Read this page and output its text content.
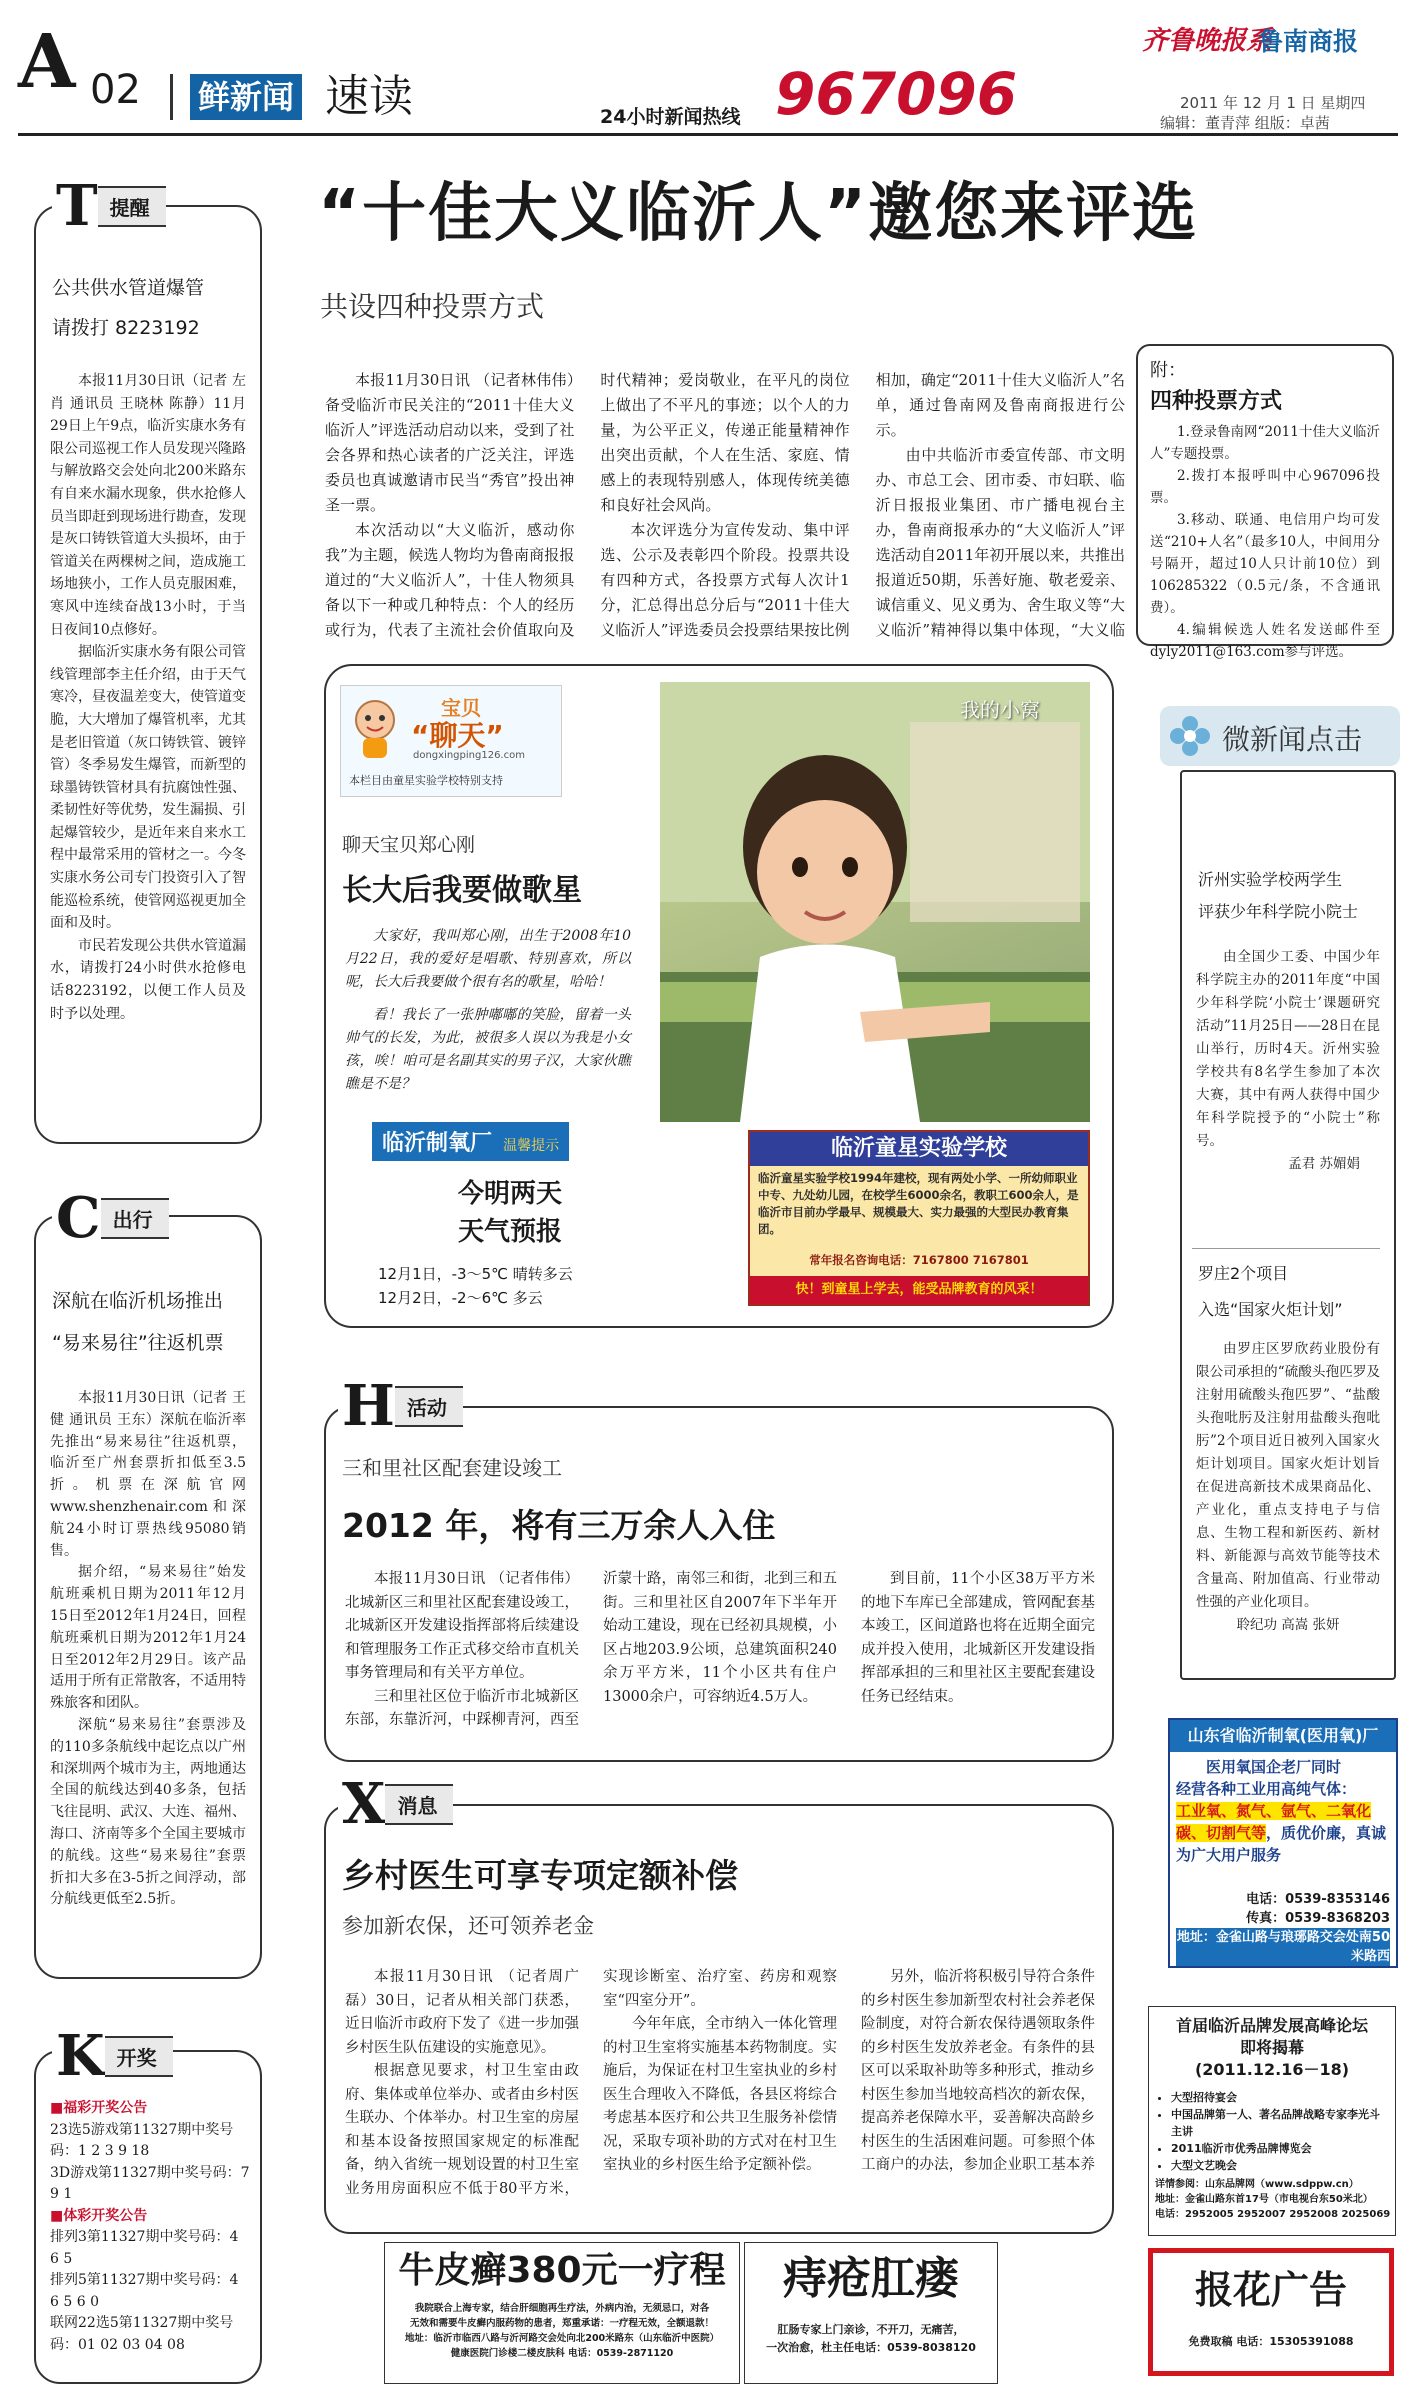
A 02 鲜新闻 速读	24小时新闻热线 967096
齐鲁晚报系
鲁南商报
2011 年 12 月 1 日 星期四
编辑：董青萍 组版：卓茜
“十佳大义临沂人”邀您来评选
共设四种投票方式

本报11月30日讯 （记者林伟伟）备受临沂市民关注的“2011十佳大义临沂人”评选活动启动以来，受到了社会各界和热心读者的广泛关注，评选委员也真诚邀请市民当“秀官”投出神圣一票。

本次活动以“大义临沂，感动你我”为主题，候选人物均为鲁南商报报道过的“大义临沂人”，十佳人物须具备以下一种或几种特点：个人的经历或行为，代表了主流社会价值取向及时代精神；爱岗敬业，在平凡的岗位上做出了不平凡的事迹；以个人的力量，为公平正义，传递正能量精神作出突出贡献，个人在生活、家庭、情感上的表现特别感人，体现传统美德和良好社会风尚。

本次评选分为宣传发动、集中评选、公示及表彰四个阶段。投票共设有四种方式，各投票方式每人次计1分，汇总得出总分后与“2011十佳大义临沂人”评选委员会投票结果按比例相加，确定“2011十佳大义临沂人”名单，通过鲁南网及鲁南商报进行公示。

由中共临沂市委宣传部、市文明办、市总工会、团市委、市妇联、临沂日报报业集团、市广播电视台主办，鲁南商报承办的“大义临沂人”评选活动自2011年初开展以来，共推出报道近50期，乐善好施、敬老爱亲、诚信重义、见义勇为、舍生取义等“大义临沂”精神得以集中体现，“大义临

附：
四种投票方式

1.登录鲁南网“2011十佳大义临沂人”专题投票。

2.拨打本报呼叫中心967096投票。

3.移动、联通、电信用户均可发送“210+人名”（最多10人，中间用分号隔开，超过10人只计前10位）到106285322（0.5元/条，不含通讯费）。

4.编辑候选人姓名发送邮件至dyly2011@163.com参与评选。

T 提醒
公共供水管道爆管
请拨打 8223192

本报11月30日讯（记者 左肖 通讯员 王晓林 陈静）11月29日上午9点，临沂实康水务有限公司巡视工作人员发现兴隆路与解放路交会处向北200米路东有自来水漏水现象，供水抢修人员当即赶到现场进行勘查，发现是灰口铸铁管道大头损坏，由于管道关在两棵树之间，造成施工场地狭小，工作人员克服困难，寒风中连续奋战13小时，于当日夜间10点修好。

据临沂实康水务有限公司管线管理部李主任介绍，由于天气寒冷，昼夜温差变大，使管道变脆，大大增加了爆管机率，尤其是老旧管道（灰口铸铁管、镀锌管）冬季易发生爆管，而新型的球墨铸铁管材具有抗腐蚀性强、柔韧性好等优势，发生漏损、引起爆管较少，是近年来自来水工程中最常采用的管材之一。今冬实康水务公司专门投资引入了智能巡检系统，使管网巡视更加全面和及时。

市民若发现公共供水管道漏水，请拨打24小时供水抢修电话8223192，以便工作人员及时予以处理。

C 出行
深航在临沂机场推出
“易来易往”往返机票

本报11月30日讯（记者 王健 通讯员 王东）深航在临沂率先推出“易来易往”往返机票，临沂至广州套票折扣低至3.5折。机票在深航官网www.shenzhenair.com和深航24小时订票热线95080销售。

据介绍，“易来易往”始发航班乘机日期为2011年12月15日至2012年1月24日，回程航班乘机日期为2012年1月24日至2012年2月29日。该产品适用于所有正常散客，不适用特殊旅客和团队。

深航“易来易往”套票涉及的110多条航线中起讫点以广州和深圳两个城市为主，两地通达全国的航线达到40多条，包括飞往昆明、武汉、大连、福州、海口、济南等多个全国主要城市的航线。这些“易来易往”套票折扣大多在3-5折之间浮动，部分航线更低至2.5折。

K 开奖
■福彩开奖公告
23选5游戏第11327期中奖号码：1 2 3 9 18
3D游戏第11327期中奖号码：7 9 1
■体彩开奖公告
排列3第11327期中奖号码：4 6 5
排列5第11327期中奖号码：4 6 5 6 0
联网22选5第11327期中奖号码：01 02 03 04 08
宝贝
“聊天”
dongxingping126.com
本栏目由童星实验学校特别支持
聊天宝贝郑心刚
长大后我要做歌星

大家好，我叫郑心刚，出生于2008年10月22日，我的爱好是唱歌、特别喜欢，所以呢，长大后我要做个很有名的歌星，哈哈！

看！我长了一张肿嘟嘟的笑脸，留着一头帅气的长发，为此，被很多人误以为我是小女孩，唉！咱可是名副其实的男子汉，大家伙瞧瞧是不是？

我的小窝
临沂制氧厂 温馨提示
今明两天
天气预报
12月1日，-3～5℃ 晴转多云
12月2日，-2～6℃ 多云
临沂童星实验学校
临沂童星实验学校1994年建校，现有两处小学、一所幼师职业中专、九处幼儿园，在校学生6000余名，教职工600余人，是临沂市目前办学最早、规模最大、实力最强的大型民办教育集团。
常年报名咨询电话：7167800 7167801
快！到童星上学去，能受品牌教育的风采！
微新闻点击
沂州实验学校两学生
评获少年科学院小院士

由全国少工委、中国少年科学院主办的2011年度“中国少年科学院‘小院士’课题研究活动”11月25日——28日在昆山举行，历时4天。沂州实验学校共有8名学生参加了本次大赛，其中有两人获得中国少年科学院授予的“小院士”称号。

孟君 苏媚娟
罗庄2个项目
入选“国家火炬计划”

由罗庄区罗欣药业股份有限公司承担的“硫酸头孢匹罗及注射用硫酸头孢匹罗”、“盐酸头孢吡肟及注射用盐酸头孢吡肟”2个项目近日被列入国家火炬计划项目。国家火炬计划旨在促进高新技术成果商品化、产业化，重点支持电子与信息、生物工程和新医药、新材料、新能源与高效节能等技术含量高、附加值高、行业带动性强的产业化项目。

聆纪功 高嵩 张妍
H 活动
三和里社区配套建设竣工
2012 年，将有三万余人入住

本报11月30日讯 （记者伟伟）北城新区三和里社区配套建设竣工，北城新区开发建设指挥部将后续建设和管理服务工作正式移交给市直机关事务管理局和有关平方单位。

三和里社区位于临沂市北城新区东部，东靠沂河，中踩柳青河，西至沂蒙十路，南邻三和街，北到三和五街。三和里社区自2007年下半年开始动工建设，现在已经初具规模，小区占地203.9公顷，总建筑面积240余万平方米，11个小区共有住户13000余户，可容纳近4.5万人。

到目前，11个小区38万平方米的地下车库已全部建成，管网配套基本竣工，区间道路也将在近期全面完成并投入使用，北城新区开发建设指挥部承担的三和里社区主要配套建设任务已经结束。

X 消息
乡村医生可享专项定额补偿
参加新农保，还可领养老金

本报11月30日讯 （记者周广磊）30日，记者从相关部门获悉，近日临沂市政府下发了《进一步加强乡村医生队伍建设的实施意见》。

根据意见要求，村卫生室由政府、集体或单位举办、或者由乡村医生联办、个体举办。村卫生室的房屋和基本设备按照国家规定的标准配备，纳入省统一规划设置的村卫生室业务用房面积应不低于80平方米，实现诊断室、治疗室、药房和观察室“四室分开”。

今年年底，全市纳入一体化管理的村卫生室将实施基本药物制度。实施后，为保证在村卫生室执业的乡村医生合理收入不降低，各县区将综合考虑基本医疗和公共卫生服务补偿情况，采取专项补助的方式对在村卫生室执业的乡村医生给予定额补偿。

另外，临沂将积极引导符合条件的乡村医生参加新型农村社会养老保险制度，对符合新农保待遇领取条件的乡村医生发放养老金。有条件的县区可以采取补助等多种形式，推动乡村医生参加当地较高档次的新农保，提高养老保障水平，妥善解决高龄乡村医生的生活困难问题。可参照个体工商户的办法，参加企业职工基本养

山东省临沂制氧(医用氧)厂
医用氧国企老厂同时
经营各种工业用高纯气体：
工业氧、氮气、氩气、二氧化碳、切割气等，质优价廉，真诚为广大用户服务
电话：0539-8353146
传真：0539-8368203
地址：金雀山路与琅琊路交会处南50米路西
首届临沂品牌发展高峰论坛
即将揭幕
(2011.12.16－18)
• 大型招待宴会
• 中国品牌第一人、著名品牌战略专家李光斗主讲
• 2011临沂市优秀品牌博览会
• 大型文艺晚会
详情参阅：山东品牌网（www.sdppw.cn）
地址：金雀山路东首17号（市电视台东50米北）
电话：2952005 2952007 2952008 2025069
牛皮癣380元一疗程
我院联合上海专家，结合肝细胞再生疗法，外病内治，无须忌口，对各
无效和需要牛皮癣内服药物的患者，郑重承诺：一疗程无效，全额退款！
地址：临沂市临西八路与沂河路交会处向北200米路东（山东临沂中医院）
健康医院门诊楼二楼皮肤科 电话：0539-2871120
痔疮肛瘘
肛肠专家上门亲诊，不开刀，无痛苦，
一次治愈，杜主任电话：0539-8038120
报花广告
免费取稿 电话：15305391088
